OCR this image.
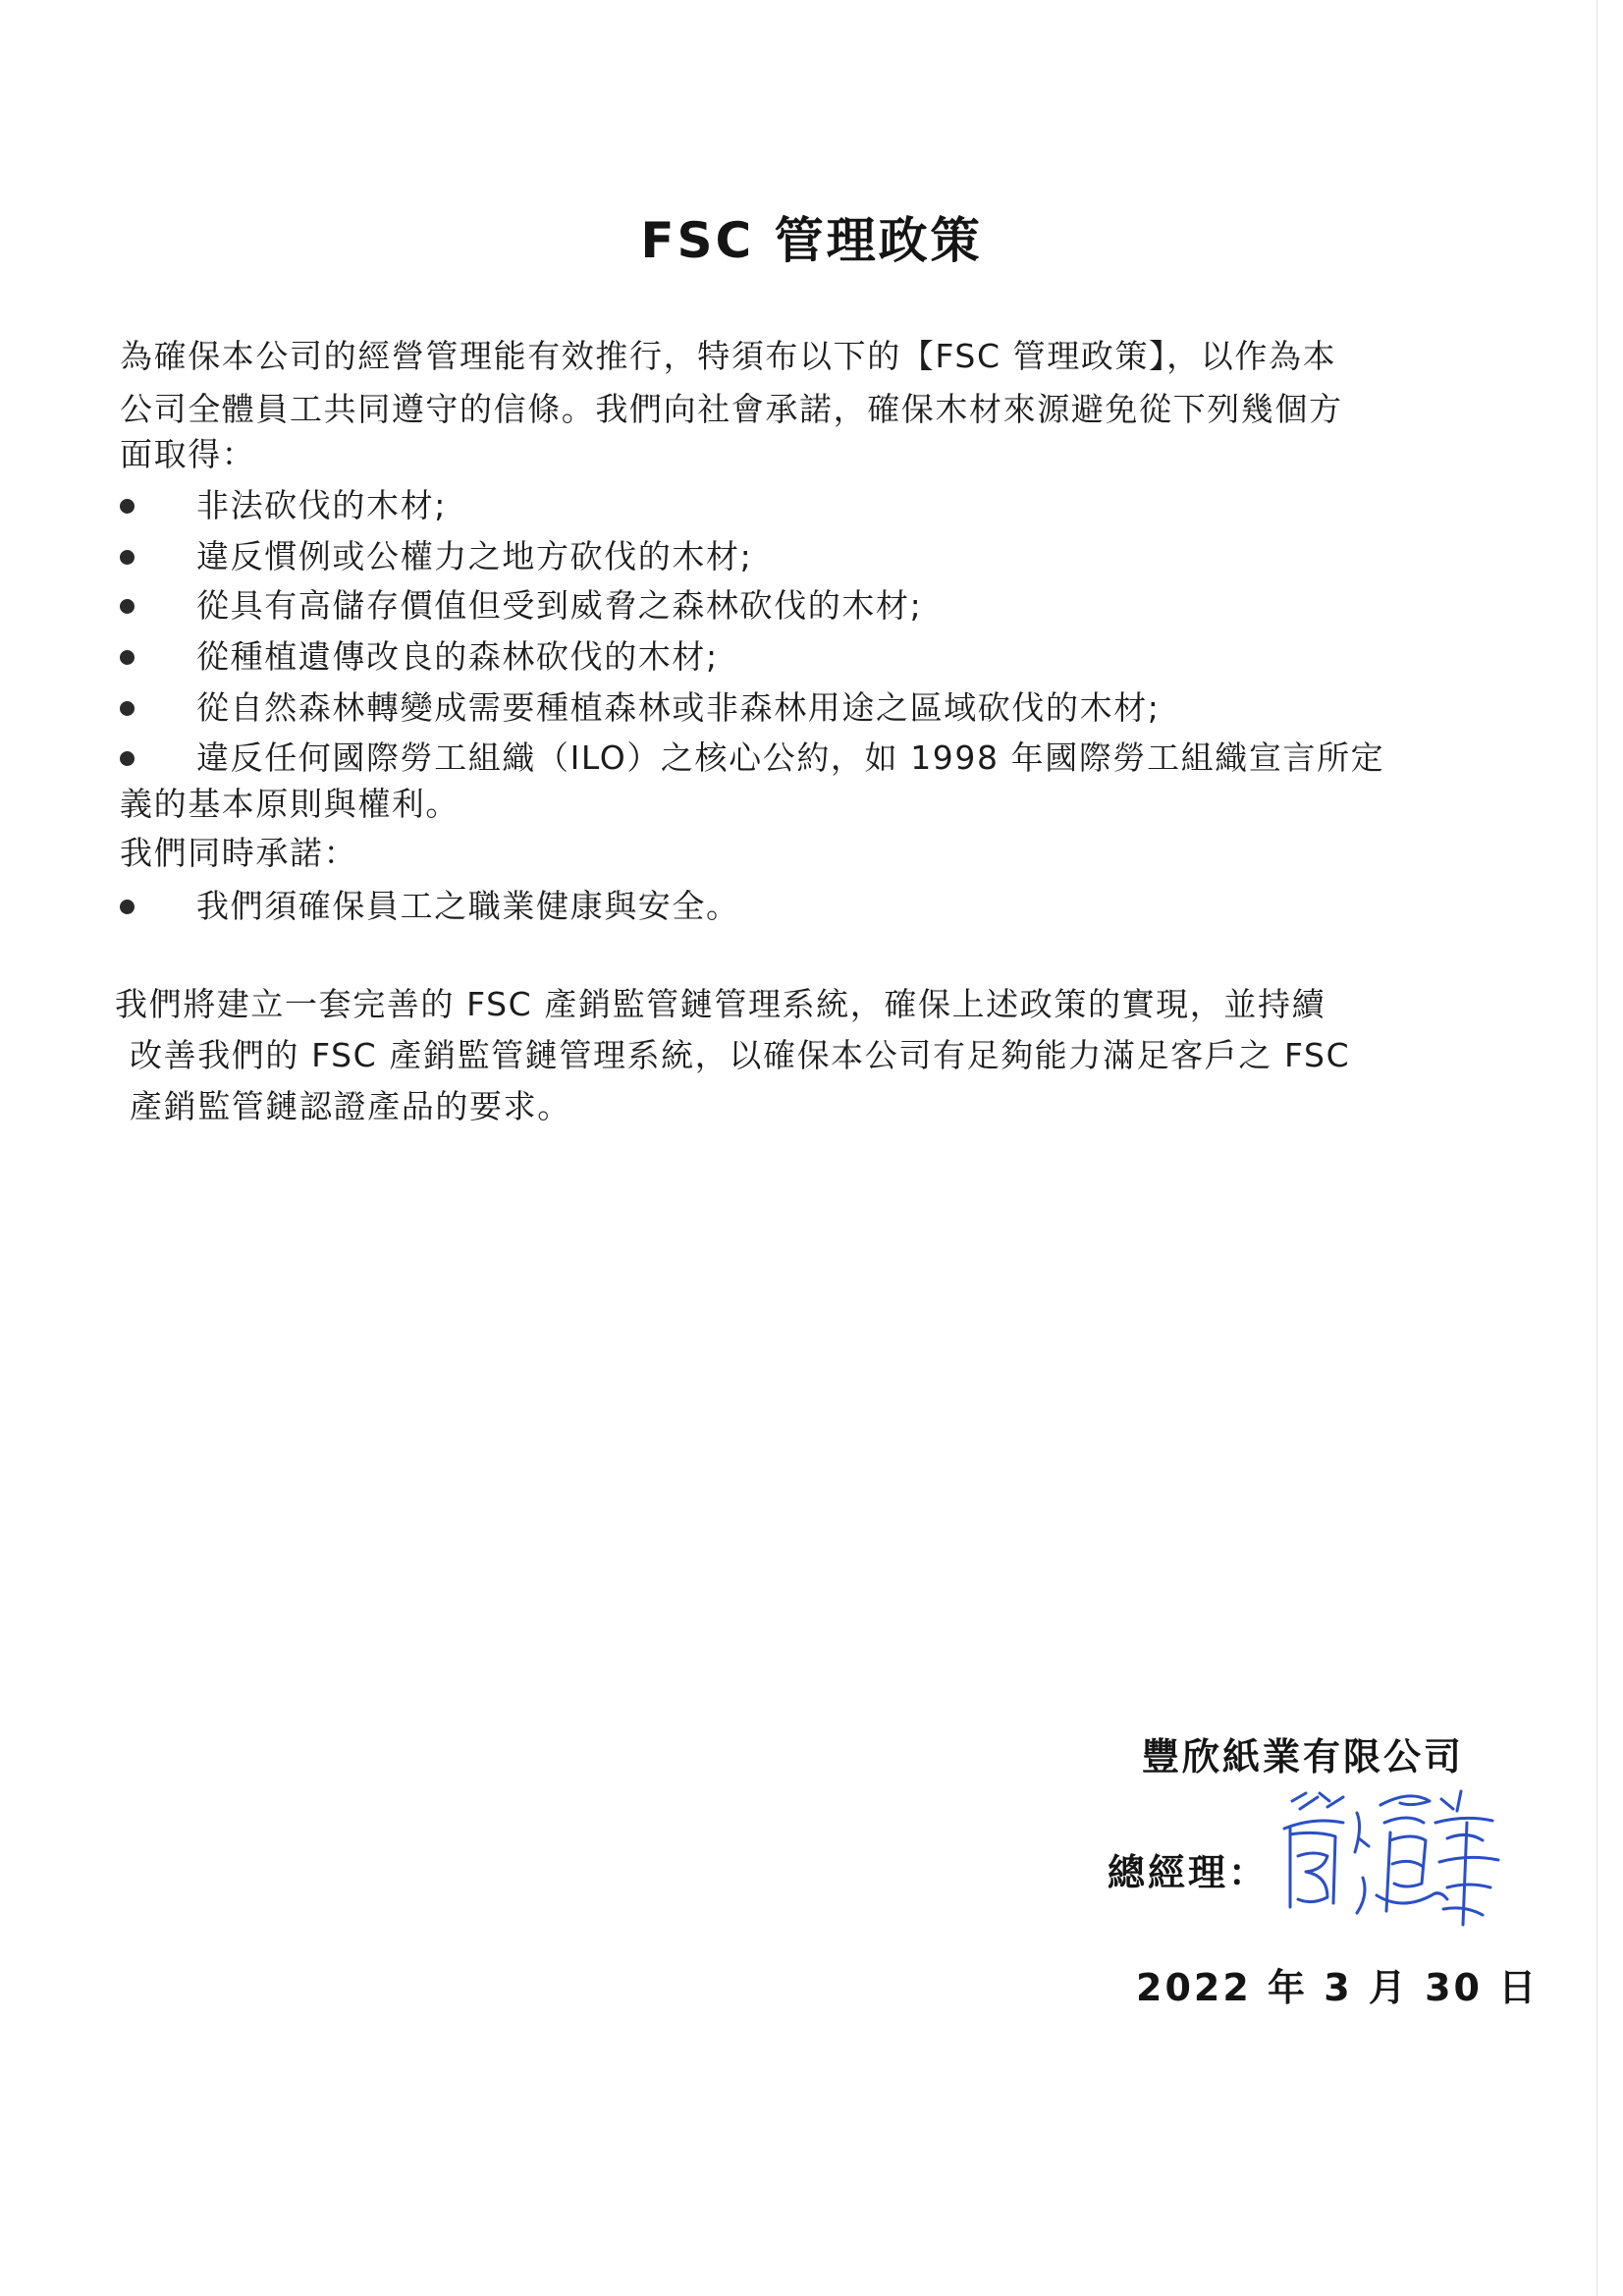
FSC 管理政策
為確保本公司的經營管理能有效推行，特須布以下的【FSC 管理政策】，以作為本
公司全體員工共同遵守的信條。我們向社會承諾，確保木材來源避免從下列幾個方
面取得：
非法砍伐的木材;
違反慣例或公權力之地方砍伐的木材;
從具有高儲存價值但受到威脅之森林砍伐的木材;
從種植遺傳改良的森林砍伐的木材;
從自然森林轉變成需要種植森林或非森林用途之區域砍伐的木材;
違反任何國際勞工組織（ILO）之核心公約，如 1998 年國際勞工組織宣言所定
義的基本原則與權利。
我們同時承諾：
我們須確保員工之職業健康與安全。
我們將建立一套完善的 FSC 產銷監管鏈管理系統，確保上述政策的實現，並持續
改善我們的 FSC 產銷監管鏈管理系統，以確保本公司有足夠能力滿足客戶之 FSC
產銷監管鏈認證產品的要求。
豐欣紙業有限公司
總經理：
2022 年 3 月 30 日
